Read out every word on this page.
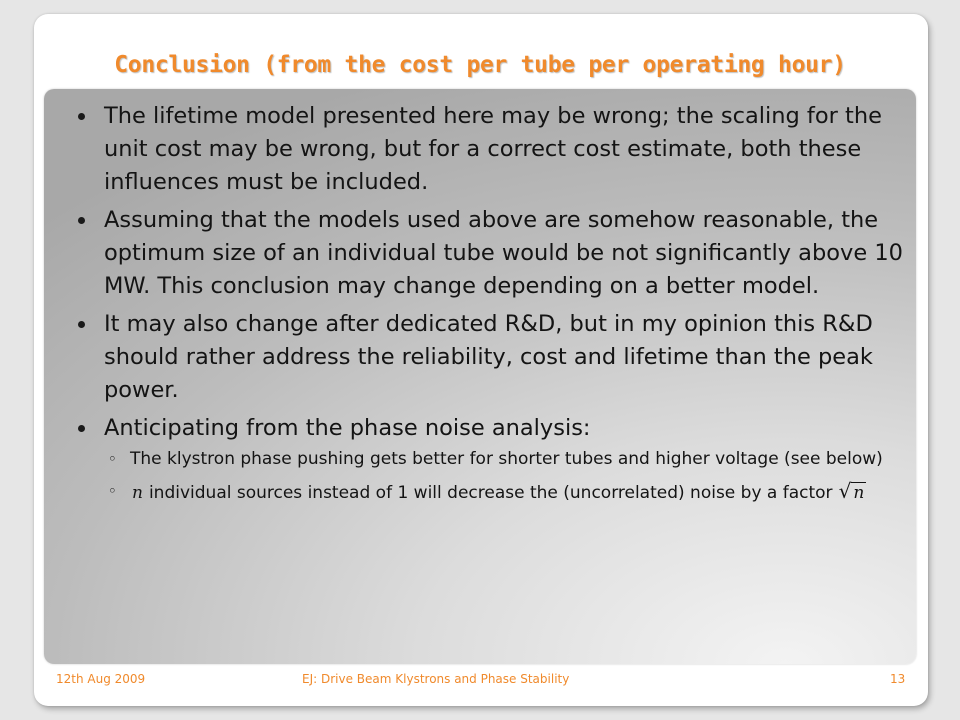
Conclusion (from the cost per tube per operating hour)
The lifetime model presented here may be wrong; the scaling for the unit cost may be wrong, but for a correct cost estimate, both these influences must be included.
Assuming that the models used above are somehow reasonable, the optimum size of an individual tube would be not significantly above 10 MW. This conclusion may change depending on a better model.
It may also change after dedicated R&D, but in my opinion this R&D should rather address the reliability, cost and lifetime than the peak power.
Anticipating from the phase noise analysis:
◦ The klystron phase pushing gets better for shorter tubes and higher voltage (see below)
◦ n individual sources instead of 1 will decrease the (uncorrelated) noise by a factor √ n
12th Aug 2009	EJ: Drive Beam Klystrons and Phase Stability	13
